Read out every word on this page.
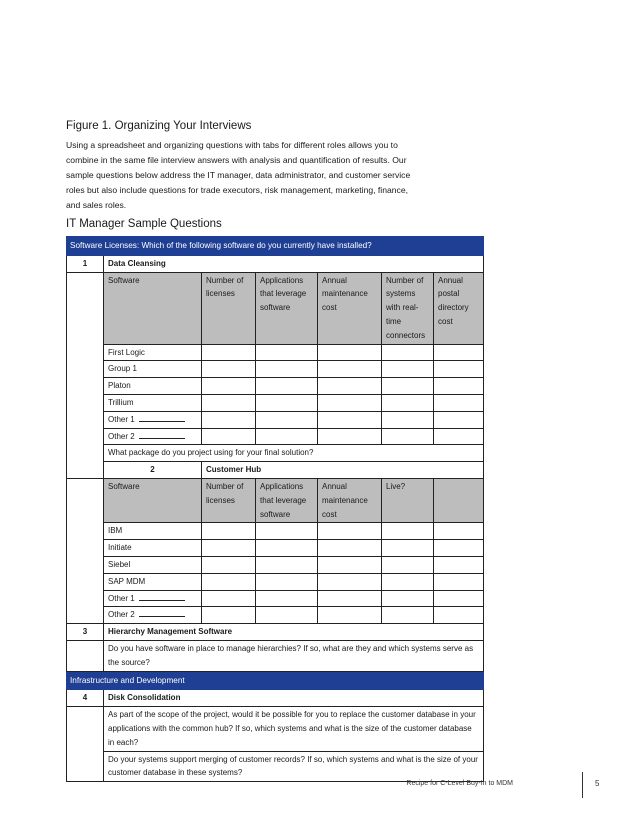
Figure 1. Organizing Your Interviews
Using a spreadsheet and organizing questions with tabs for different roles allows you to
combine in the same file interview answers with analysis and quantification of results. Our
sample questions below address the IT manager, data administrator, and customer service
roles but also include questions for trade executors, risk management, marketing, finance,
and sales roles.
IT Manager Sample Questions
Software Licenses: Which of the following software do you currently have installed?						
1	Data Cleansing					
	Software	Number of licenses	Applications that leverage software	Annual maintenance cost	Number of systems with real-time connectors	Annual postal directory cost
	First Logic					
	Group 1					
	Platon					
	Trillium					
	Other 1					
	Other 2					
	What package do you project using for your final solution?					
	2	Customer Hub				
	Software	Number of licenses	Applications that leverage software	Annual maintenance cost	Live?	
	IBM					
	Initiate					
	Siebel					
	SAP MDM					
	Other 1					
	Other 2					
3	Hierarchy Management Software					
	Do you have software in place to manage hierarchies? If so, what are they and which systems serve as the source?					
Infrastructure and Development						
4	Disk Consolidation					
	As part of the scope of the project, would it be possible for you to replace the customer database in your applications with the common hub? If so, which systems and what is the size of the customer database in each?					
	Do your systems support merging of customer records? If so, which systems and what is the size of your customer database in these systems?					
Recipe for C-Level Buy-In to MDM	5
